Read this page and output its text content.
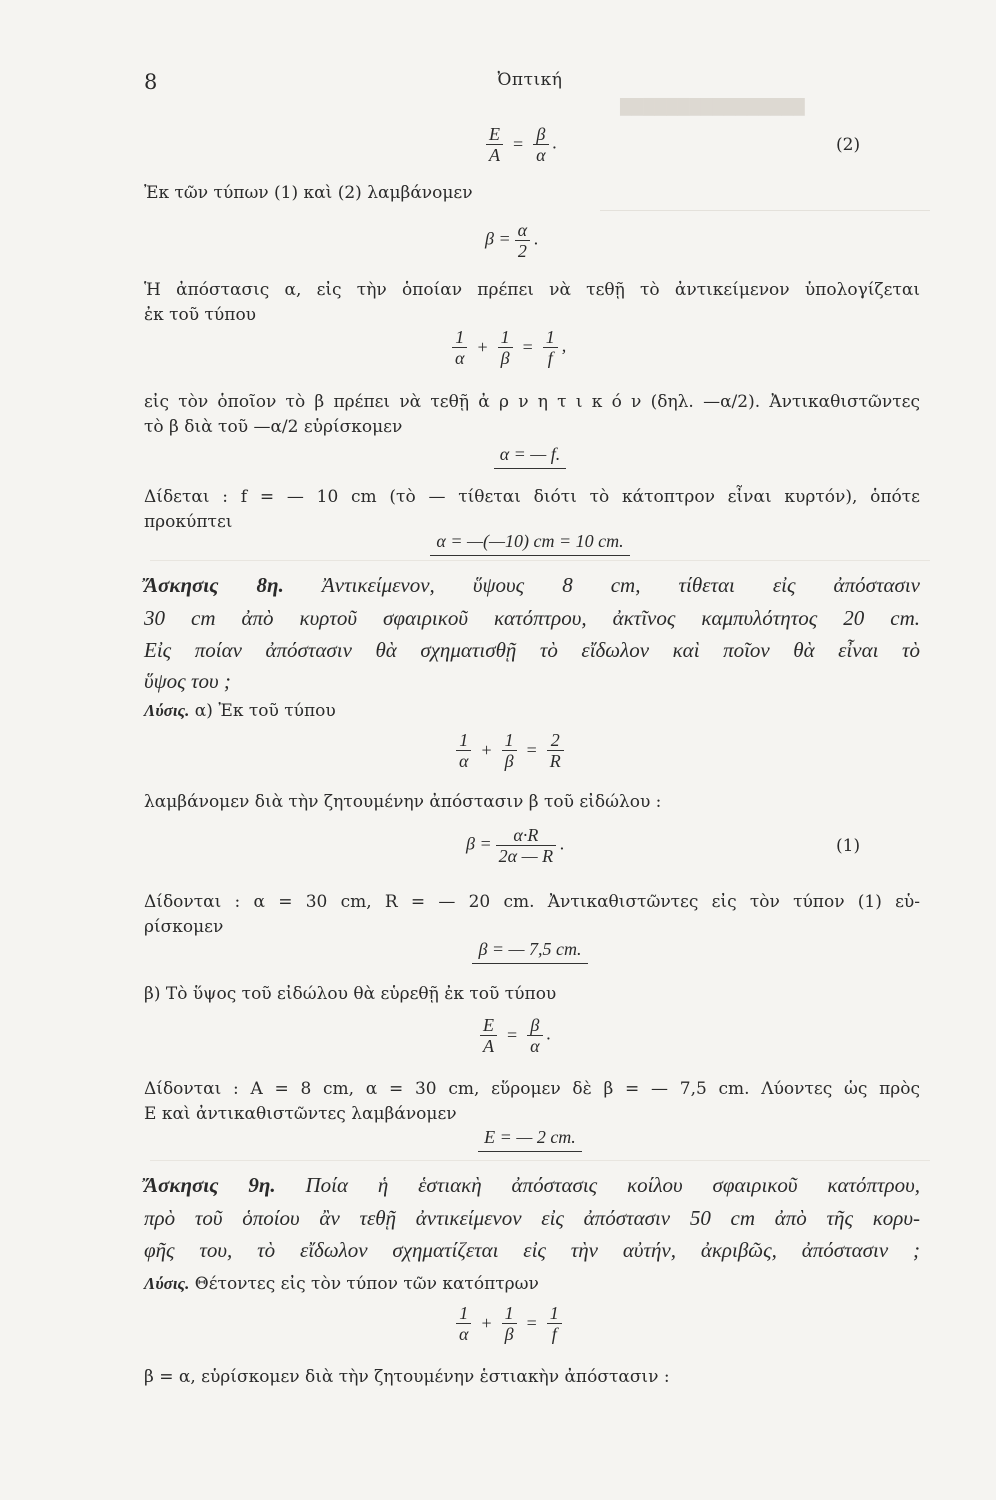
████████████████
8	Ὀπτική
$\frac{E}{A} = \frac{\beta}{\alpha}$ .	(2)
Ἐκ τῶν τύπων (1) καὶ (2) λαμβάνομεν
$\beta = \frac{\alpha}{2}$ .
Ἡ ἀπόστασις α, εἰς τὴν ὁποίαν πρέπει νὰ τεθῇ τὸ ἀντικείμενον ὑπολογίζεται
ἐκ τοῦ τύπου
$\frac{1}{\alpha} + \frac{1}{\beta} = \frac{1}{f}$ ,
εἰς τὸν ὁποῖον τὸ β πρέπει νὰ τεθῇ ἀ ρ ν η τ ι κ ό ν (δηλ. —α/2). Ἀντικαθιστῶντες
τὸ β διὰ τοῦ —α/2 εὑρίσκομεν
α = — f.
Δίδεται : f = — 10 cm (τὸ — τίθεται διότι τὸ κάτοπτρον εἶναι κυρτόν), ὁπότε
προκύπτει
α = —(—10) cm = 10 cm.
Ἄσκησις 8η. Ἀντικείμενον, ὕψους 8 cm, τίθεται εἰς ἀπόστασιν
30 cm ἀπὸ κυρτοῦ σφαιρικοῦ κατόπτρου, ἀκτῖνος καμπυλότητος 20 cm.
Εἰς ποίαν ἀπόστασιν θὰ σχηματισθῇ τὸ εἴδωλον καὶ ποῖον θὰ εἶναι τὸ
ὕψος του ;
Λύσις. α) Ἐκ τοῦ τύπου
$\frac{1}{\alpha} + \frac{1}{\beta} = \frac{2}{R}$
λαμβάνομεν διὰ τὴν ζητουμένην ἀπόστασιν β τοῦ εἰδώλου :
$\beta = \frac{\alpha\cdot R}{2\alpha — R}$ .	(1)
Δίδονται : α = 30 cm, R = — 20 cm. Ἀντικαθιστῶντες εἰς τὸν τύπον (1) εὑ-
ρίσκομεν
β = — 7,5 cm.
β) Τὸ ὕψος τοῦ εἰδώλου θὰ εὑρεθῇ ἐκ τοῦ τύπου
$\frac{E}{A} = \frac{\beta}{\alpha}$ .
Δίδονται : A = 8 cm, α = 30 cm, εὕρομεν δὲ β = — 7,5 cm. Λύοντες ὡς πρὸς
E καὶ ἀντικαθιστῶντες λαμβάνομεν
E = — 2 cm.
Ἄσκησις 9η. Ποία ἡ ἑστιακὴ ἀπόστασις κοίλου σφαιρικοῦ κατόπτρου,
πρὸ τοῦ ὁποίου ἂν τεθῇ ἀντικείμενον εἰς ἀπόστασιν 50 cm ἀπὸ τῆς κορυ-
φῆς του, τὸ εἴδωλον σχηματίζεται εἰς τὴν αὐτήν, ἀκριβῶς, ἀπόστασιν ;
Λύσις. Θέτοντες εἰς τὸν τύπον τῶν κατόπτρων
$\frac{1}{\alpha} + \frac{1}{\beta} = \frac{1}{f}$
β = α, εὑρίσκομεν διὰ τὴν ζητουμένην ἑστιακὴν ἀπόστασιν :
